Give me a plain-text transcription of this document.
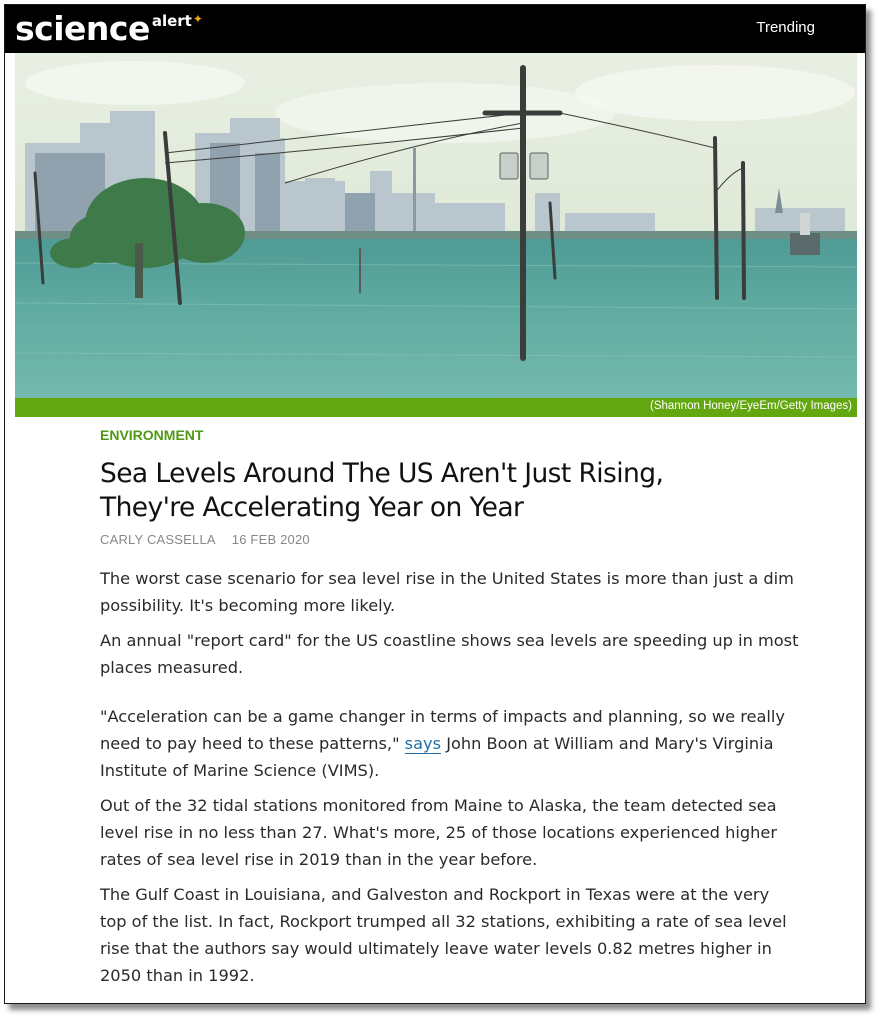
science alert ✦	Trending
(Shannon Honey/EyeEm/Getty Images)
ENVIRONMENT
Sea Levels Around The US Aren't Just Rising,
They're Accelerating Year on Year
CARLY CASSELLA 16 FEB 2020

The worst case scenario for sea level rise in the United States is more than just a dim possibility. It's becoming more likely.

An annual "report card" for the US coastline shows sea levels are speeding up in most places measured.

"Acceleration can be a game changer in terms of impacts and planning, so we really need to pay heed to these patterns," says John Boon at William and Mary's Virginia Institute of Marine Science (VIMS).

Out of the 32 tidal stations monitored from Maine to Alaska, the team detected sea level rise in no less than 27. What's more, 25 of those locations experienced higher rates of sea level rise in 2019 than in the year before.

The Gulf Coast in Louisiana, and Galveston and Rockport in Texas were at the very top of the list. In fact, Rockport trumped all 32 stations, exhibiting a rate of sea level rise that the authors say would ultimately leave water levels 0.82 metres higher in 2050 than in 1992.
